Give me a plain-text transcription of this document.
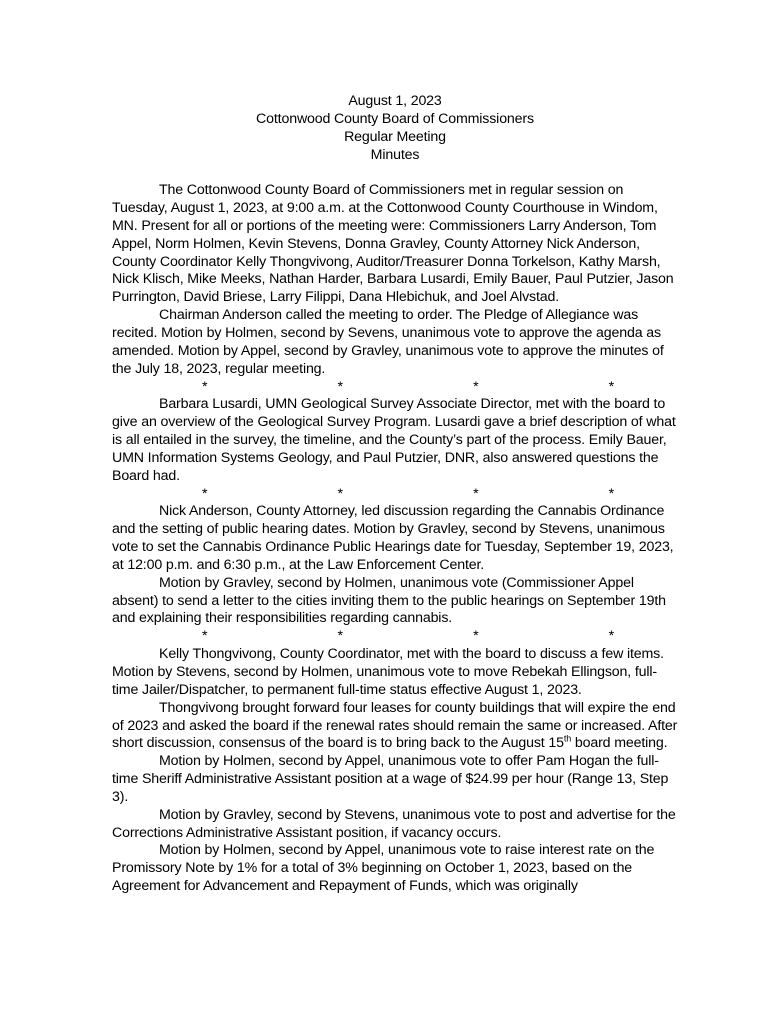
August 1, 2023
Cottonwood County Board of Commissioners
Regular Meeting
Minutes

The Cottonwood County Board of Commissioners met in regular session on Tuesday, August 1, 2023, at 9:00 a.m. at the Cottonwood County Courthouse in Windom, MN. Present for all or portions of the meeting were: Commissioners Larry Anderson, Tom Appel, Norm Holmen, Kevin Stevens, Donna Gravley, County Attorney Nick Anderson, County Coordinator Kelly Thongvivong, Auditor/Treasurer Donna Torkelson, Kathy Marsh, Nick Klisch, Mike Meeks, Nathan Harder, Barbara Lusardi, Emily Bauer, Paul Putzier, Jason Purrington, David Briese, Larry Filippi, Dana Hlebichuk, and Joel Alvstad.

Chairman Anderson called the meeting to order. The Pledge of Allegiance was recited. Motion by Holmen, second by Sevens, unanimous vote to approve the agenda as amended. Motion by Appel, second by Gravley, unanimous vote to approve the minutes of the July 18, 2023, regular meeting.

*	*	*	*

Barbara Lusardi, UMN Geological Survey Associate Director, met with the board to give an overview of the Geological Survey Program. Lusardi gave a brief description of what is all entailed in the survey, the timeline, and the County’s part of the process. Emily Bauer, UMN Information Systems Geology, and Paul Putzier, DNR, also answered questions the Board had.

*	*	*	*

Nick Anderson, County Attorney, led discussion regarding the Cannabis Ordinance and the setting of public hearing dates. Motion by Gravley, second by Stevens, unanimous vote to set the Cannabis Ordinance Public Hearings date for Tuesday, September 19, 2023, at 12:00 p.m. and 6:30 p.m., at the Law Enforcement Center.

Motion by Gravley, second by Holmen, unanimous vote (Commissioner Appel absent) to send a letter to the cities inviting them to the public hearings on September 19th and explaining their responsibilities regarding cannabis.

*	*	*	*

Kelly Thongvivong, County Coordinator, met with the board to discuss a few items. Motion by Stevens, second by Holmen, unanimous vote to move Rebekah Ellingson, full-time Jailer/Dispatcher, to permanent full-time status effective August 1, 2023.

Thongvivong brought forward four leases for county buildings that will expire the end of 2023 and asked the board if the renewal rates should remain the same or increased. After short discussion, consensus of the board is to bring back to the August 15th board meeting.

Motion by Holmen, second by Appel, unanimous vote to offer Pam Hogan the full-time Sheriff Administrative Assistant position at a wage of $24.99 per hour (Range 13, Step 3).

Motion by Gravley, second by Stevens, unanimous vote to post and advertise for the Corrections Administrative Assistant position, if vacancy occurs.

Motion by Holmen, second by Appel, unanimous vote to raise interest rate on the Promissory Note by 1% for a total of 3% beginning on October 1, 2023, based on the Agreement for Advancement and Repayment of Funds, which was originally
